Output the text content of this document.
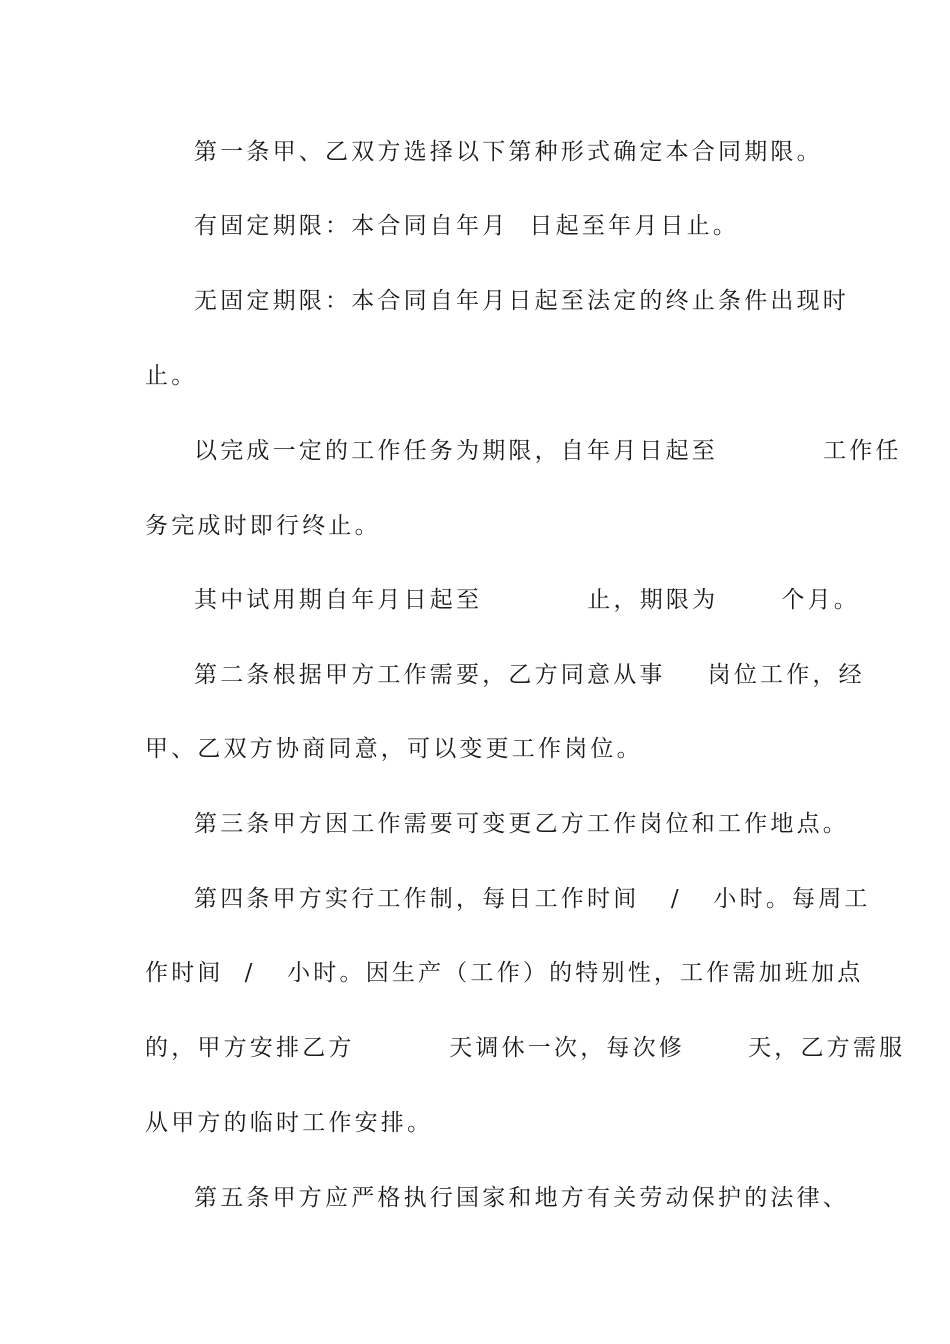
第一条甲、乙双方选择以下第种形式确定本合同期限。
有固定期限：本合同自年月  日起至年月日止。
无固定期限：本合同自年月日起至法定的终止条件出现时
止。
以完成一定的工作任务为期限，自年月日起至          工作任
务完成时即行终止。
其中试用期自年月日起至          止，期限为      个月。
第二条根据甲方工作需要，乙方同意从事    岗位工作，经
甲、乙双方协商同意，可以变更工作岗位。
第三条甲方因工作需要可变更乙方工作岗位和工作地点。
第四条甲方实行工作制，每日工作时间   /   小时。每周工
作时间  /   小时。因生产（工作）的特别性，工作需加班加点
的，甲方安排乙方         天调休一次，每次修      天，乙方需服
从甲方的临时工作安排。
第五条甲方应严格执行国家和地方有关劳动保护的法律、
